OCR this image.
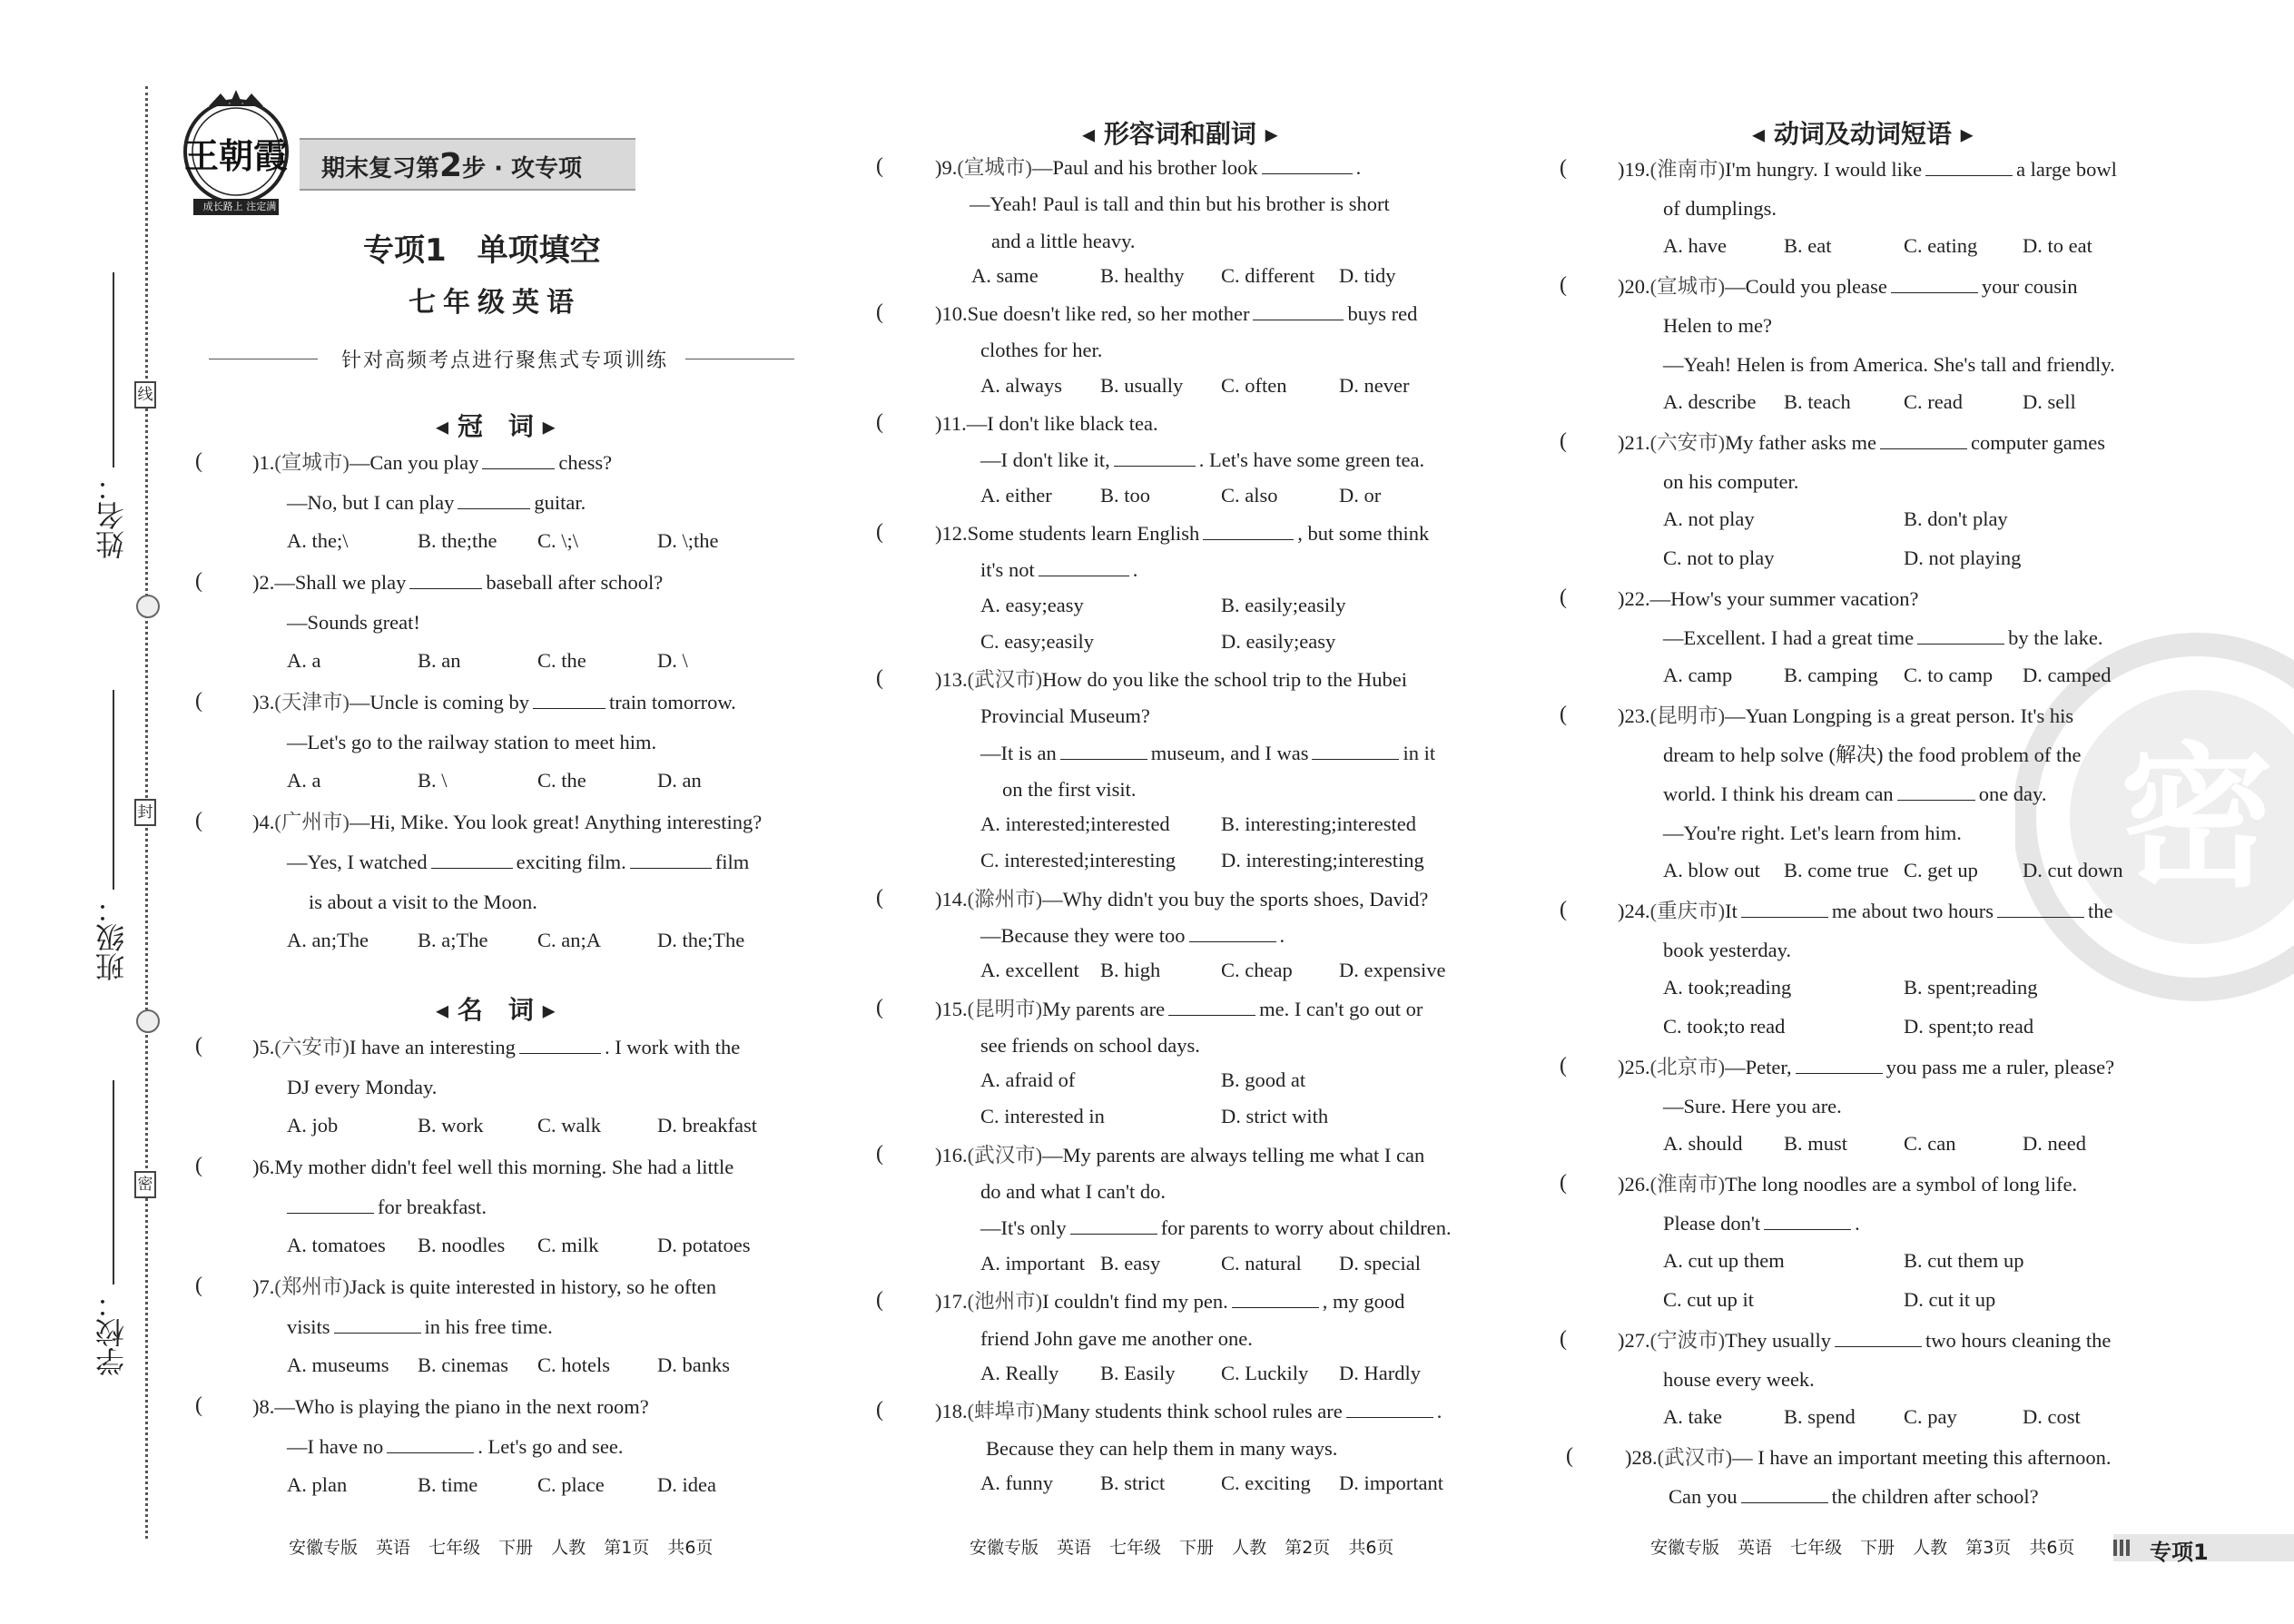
线
封
密
姓名：
班级：
学校：
王朝霞
成长路上 注定满分
期末复习第2步 · 攻专项
专项1　单项填空
七年级英语
针对高频考点进行聚焦式专项训练
◂ 冠　词 ▸
( )1.(宣城市)—Can you play	chess?
—No, but I can play	guitar.
A. the;\	B. the;the C. \;\	D. \;the
( )2.—Shall we play	baseball after school?
—Sounds great!
A. a	B. an	C. the	D. \
( )3.(天津市)—Uncle is coming by	train tomorrow.
—Let's go to the railway station to meet him.
A. a	B. \	C. the	D. an
( )4.(广州市)—Hi, Mike. You look great! Anything interesting?
—Yes, I watched	exciting film.	film
is about a visit to the Moon.
A. an;The B. a;The C. an;A	D. the;The
◂ 名　词 ▸
( )5.(六安市)I have an interesting	. I work with the
DJ every Monday.
A. job	B. work	C. walk	D. breakfast
( )6.My mother didn't feel well this morning. She had a little
for breakfast.
A. tomatoes B. noodles C. milk	D. potatoes
( )7.(郑州市)Jack is quite interested in history, so he often
visits	in his free time.
A. museums B. cinemas C. hotels D. banks
( )8.—Who is playing the piano in the next room?
—I have no	. Let's go and see.
A. plan	B. time	C. place	D. idea
安徽专版 英语 七年级 下册 人教 第1页 共6页
◂ 形容词和副词 ▸
(	)9.(宣城市)—Paul and his brother look	.
—Yeah! Paul is tall and thin but his brother is short
and a little heavy.
A. same	B. healthy C. different D. tidy
(	)10.Sue doesn't like red, so her mother	buys red
clothes for her.
A. always B. usually C. often	D. never
(	)11.—I don't like black tea.
—I don't like it,	. Let's have some green tea.
A. either B. too	C. also	D. or
(	)12.Some students learn English	, but some think
it's not	.
A. easy;easy	B. easily;easily
C. easy;easily	D. easily;easy
(	)13.(武汉市)How do you like the school trip to the Hubei
Provincial Museum?
—It is an	museum, and I was	in it
on the first visit.
A. interested;interested	B. interesting;interested
C. interested;interesting D. interesting;interesting
(	)14.(滁州市)—Why didn't you buy the sports shoes, David?
—Because they were too	.
A. excellent B. high	C. cheap D. expensive
(	)15.(昆明市)My parents are	me. I can't go out or
see friends on school days.
A. afraid of	B. good at
C. interested in	D. strict with
(	)16.(武汉市)—My parents are always telling me what I can
do and what I can't do.
—It's only	for parents to worry about children.
A. important B. easy	C. natural D. special
(	)17.(池州市)I couldn't find my pen.	, my good
friend John gave me another one.
A. Really B. Easily C. Luckily D. Hardly
(	)18.(蚌埠市)Many students think school rules are	.
Because they can help them in many ways.
A. funny B. strict	C. exciting D. important
安徽专版 英语 七年级 下册 人教 第2页 共6页
密
◂ 动词及动词短语 ▸
( )19.(淮南市)I'm hungry. I would like	a large bowl
of dumplings.
A. have	B. eat	C. eating D. to eat
( )20.(宣城市)—Could you please	your cousin
Helen to me?
—Yeah! Helen is from America. She's tall and friendly.
A. describe B. teach	C. read	D. sell
( )21.(六安市)My father asks me	computer games
on his computer.
A. not play	B. don't play
C. not to play	D. not playing
( )22.—How's your summer vacation?
—Excellent. I had a great time	by the lake.
A. camp	B. camping C. to camp D. camped
( )23.(昆明市)—Yuan Longping is a great person. It's his
dream to help solve (解决) the food problem of the
world. I think his dream can	one day.
—You're right. Let's learn from him.
A. blow out B. come true C. get up D. cut down
( )24.(重庆市)It	me about two hours	the
book yesterday.
A. took;reading	B. spent;reading
C. took;to read	D. spent;to read
( )25.(北京市)—Peter,	you pass me a ruler, please?
—Sure. Here you are.
A. should B. must	C. can	D. need
( )26.(淮南市)The long noodles are a symbol of long life.
Please don't	.
A. cut up them	B. cut them up
C. cut up it	D. cut it up
( )27.(宁波市)They usually	two hours cleaning the
house every week.
A. take	B. spend C. pay	D. cost
(	)28.(武汉市)— I have an important meeting this afternoon.
Can you	the children after school?
安徽专版 英语 七年级 下册 人教 第3页 共6页	专项1
